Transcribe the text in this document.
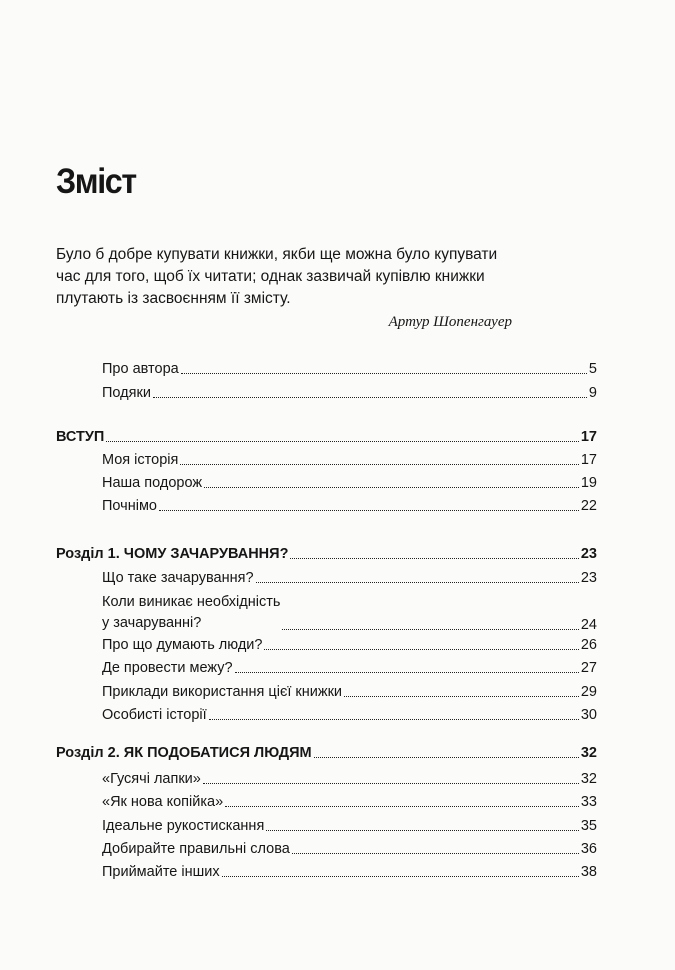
Зміст
Було б добре купувати книжки, якби ще можна було купувати
час для того, щоб їх читати; однак зазвичай купівлю книжки
плутають із засвоєнням її змісту.
Артур Шопенгауер
Про автора	5
Подяки	9
ВСТУП	17
Моя історія	17
Наша подорож	19
Почнімо	22
Розділ 1. ЧОМУ ЗАЧАРУВАННЯ?	23
Що таке зачарування?	23
Коли виникає необхідність
у зачаруванні?	24
Про що думають люди?	26
Де провести межу?	27
Приклади використання цієї книжки	29
Особисті історії	30
Розділ 2. ЯК ПОДОБАТИСЯ ЛЮДЯМ	32
«Гусячі лапки»	32
«Як нова копійка»	33
Ідеальне рукостискання	35
Добирайте правильні слова	36
Приймайте інших	38
